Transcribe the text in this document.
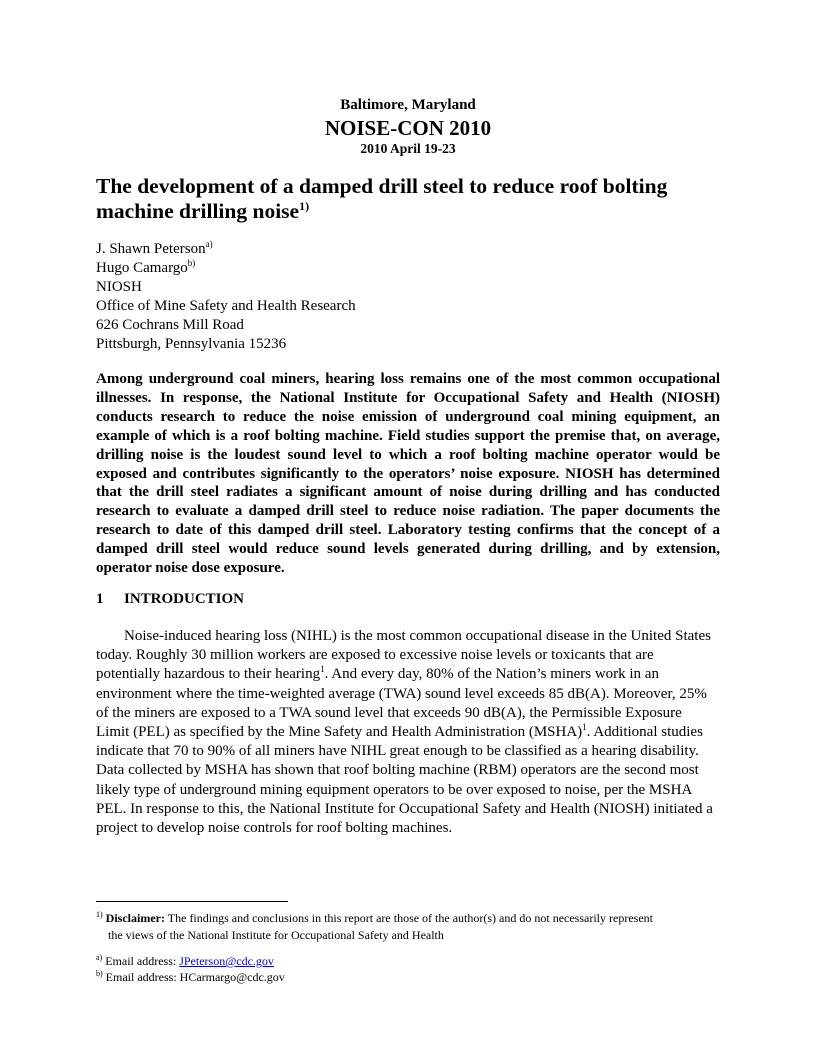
Baltimore, Maryland
NOISE-CON 2010
2010 April 19-23
The development of a damped drill steel to reduce roof bolting machine drilling noise$^{1)}$
J. Shawn Peterson$^{a)}$
Hugo Camargo$^{b)}$
NIOSH
Office of Mine Safety and Health Research
626 Cochrans Mill Road
Pittsburgh, Pennsylvania 15236

Among underground coal miners, hearing loss remains one of the most common occupational illnesses. In response, the National Institute for Occupational Safety and Health (NIOSH) conducts research to reduce the noise emission of underground coal mining equipment, an example of which is a roof bolting machine. Field studies support the premise that, on average, drilling noise is the loudest sound level to which a roof bolting machine operator would be exposed and contributes significantly to the operators’ noise exposure. NIOSH has determined that the drill steel radiates a significant amount of noise during drilling and has conducted research to evaluate a damped drill steel to reduce noise radiation. The paper documents the research to date of this damped drill steel. Laboratory testing confirms that the concept of a damped drill steel would reduce sound levels generated during drilling, and by extension, operator noise dose exposure.

1 INTRODUCTION

Noise-induced hearing loss (NIHL) is the most common occupational disease in the United States today. Roughly 30 million workers are exposed to excessive noise levels or toxicants that are potentially hazardous to their hearing$^1$. And every day, 80% of the Nation’s miners work in an environment where the time-weighted average (TWA) sound level exceeds 85 dB(A). Moreover, 25% of the miners are exposed to a TWA sound level that exceeds 90 dB(A), the Permissible Exposure Limit (PEL) as specified by the Mine Safety and Health Administration (MSHA)$^1$. Additional studies indicate that 70 to 90% of all miners have NIHL great enough to be classified as a hearing disability. Data collected by MSHA has shown that roof bolting machine (RBM) operators are the second most likely type of underground mining equipment operators to be over exposed to noise, per the MSHA PEL. In response to this, the National Institute for Occupational Safety and Health (NIOSH) initiated a project to develop noise controls for roof bolting machines.

$^{1)}$ Disclaimer: The findings and conclusions in this report are those of the author(s) and do not necessarily represent
the views of the National Institute for Occupational Safety and Health
$^{a)}$ Email address: JPeterson@cdc.gov
$^{b)}$ Email address: HCarmargo@cdc.gov
